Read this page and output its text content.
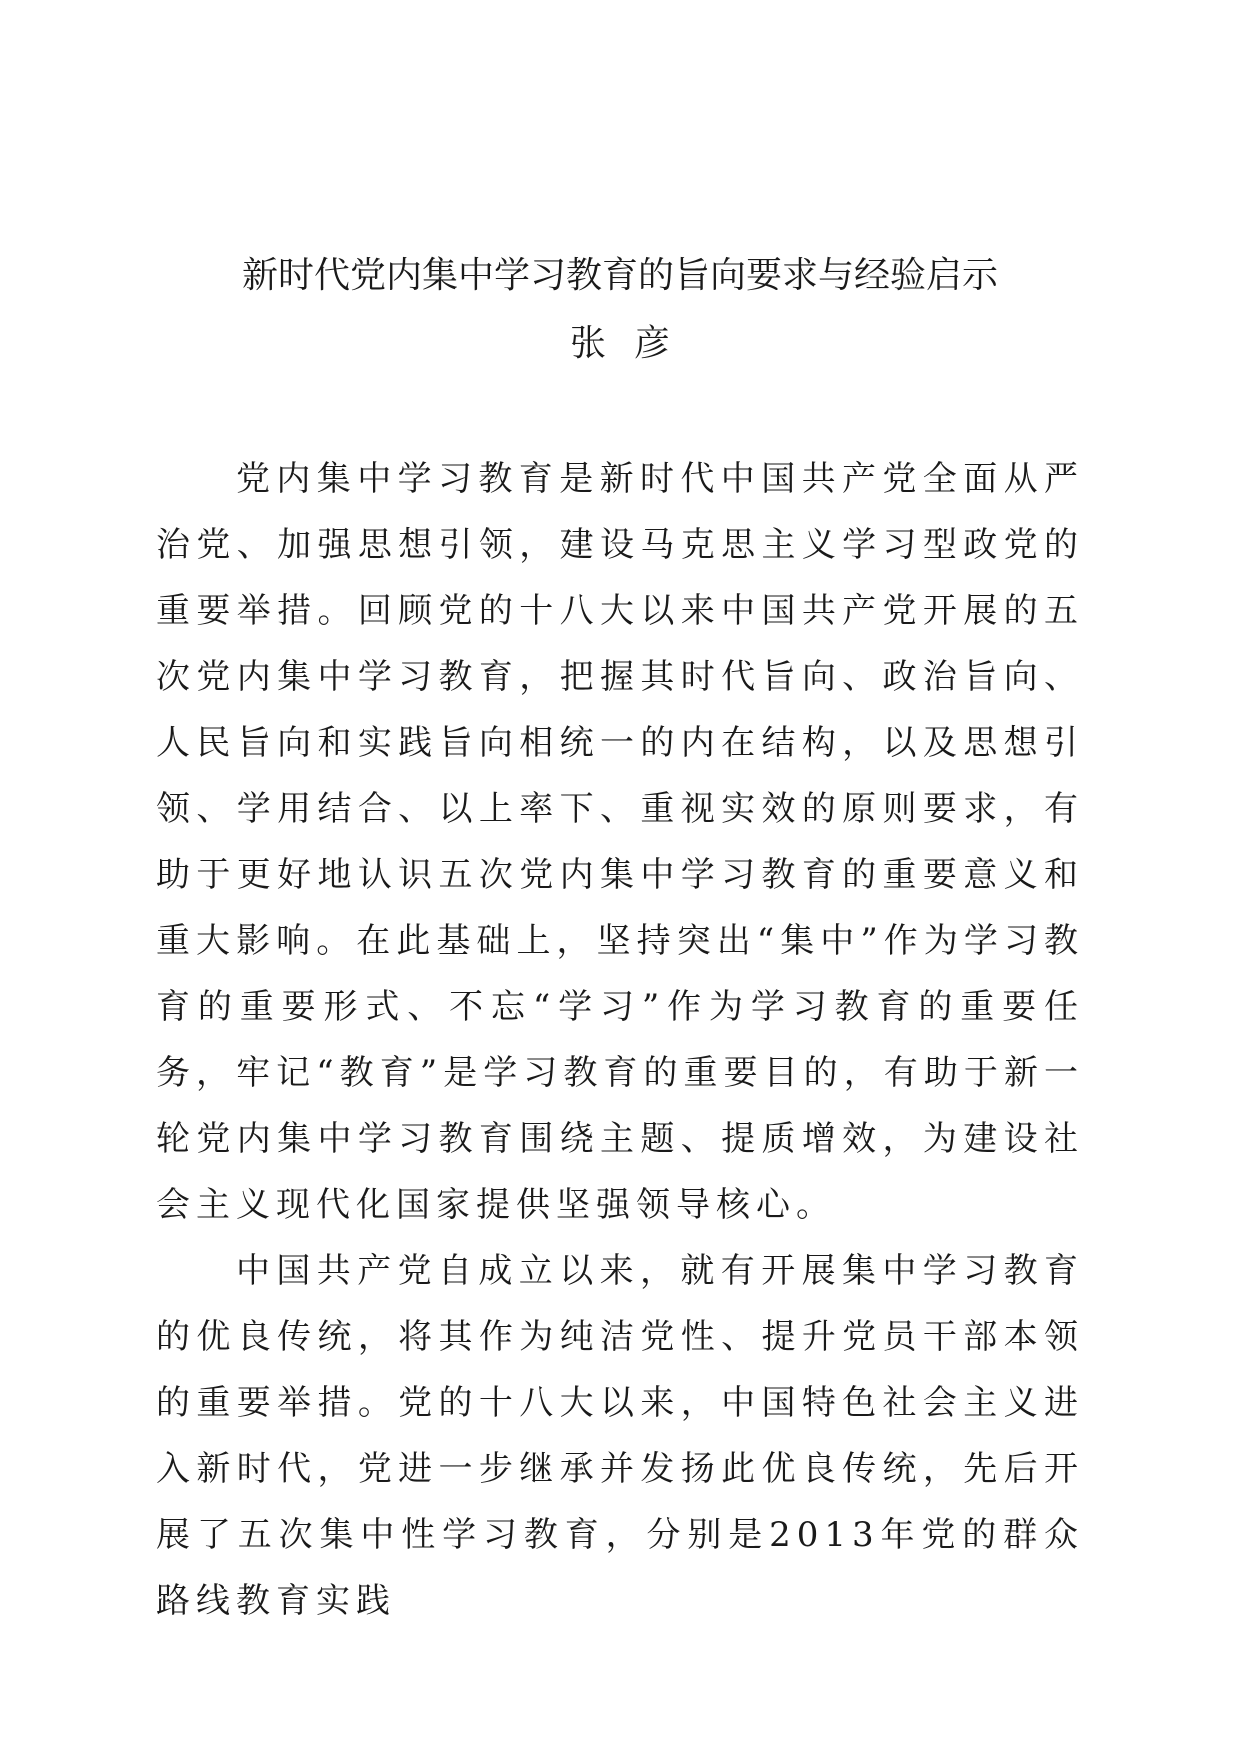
新时代党内集中学习教育的旨向要求与经验启示
张彦

党内集中学习教育是新时代中国共产党全面从严治党、加强思想引领，建设马克思主义学习型政党的重要举措。回顾党的十八大以来中国共产党开展的五次党内集中学习教育，把握其时代旨向、政治旨向、人民旨向和实践旨向相统一的内在结构，以及思想引领、学用结合、以上率下、重视实效的原则要求，有助于更好地认识五次党内集中学习教育的重要意义和重大影响。在此基础上，坚持突出“集中”作为学习教育的重要形式、不忘“学习”作为学习教育的重要任务，牢记“教育”是学习教育的重要目的，有助于新一轮党内集中学习教育围绕主题、提质增效，为建设社会主义现代化国家提供坚强领导核心。

中国共产党自成立以来，就有开展集中学习教育的优良传统，将其作为纯洁党性、提升党员干部本领的重要举措。党的十八大以来，中国特色社会主义进入新时代，党进一步继承并发扬此优良传统，先后开展了五次集中性学习教育，分别是2013年党的群众路线教育实践
